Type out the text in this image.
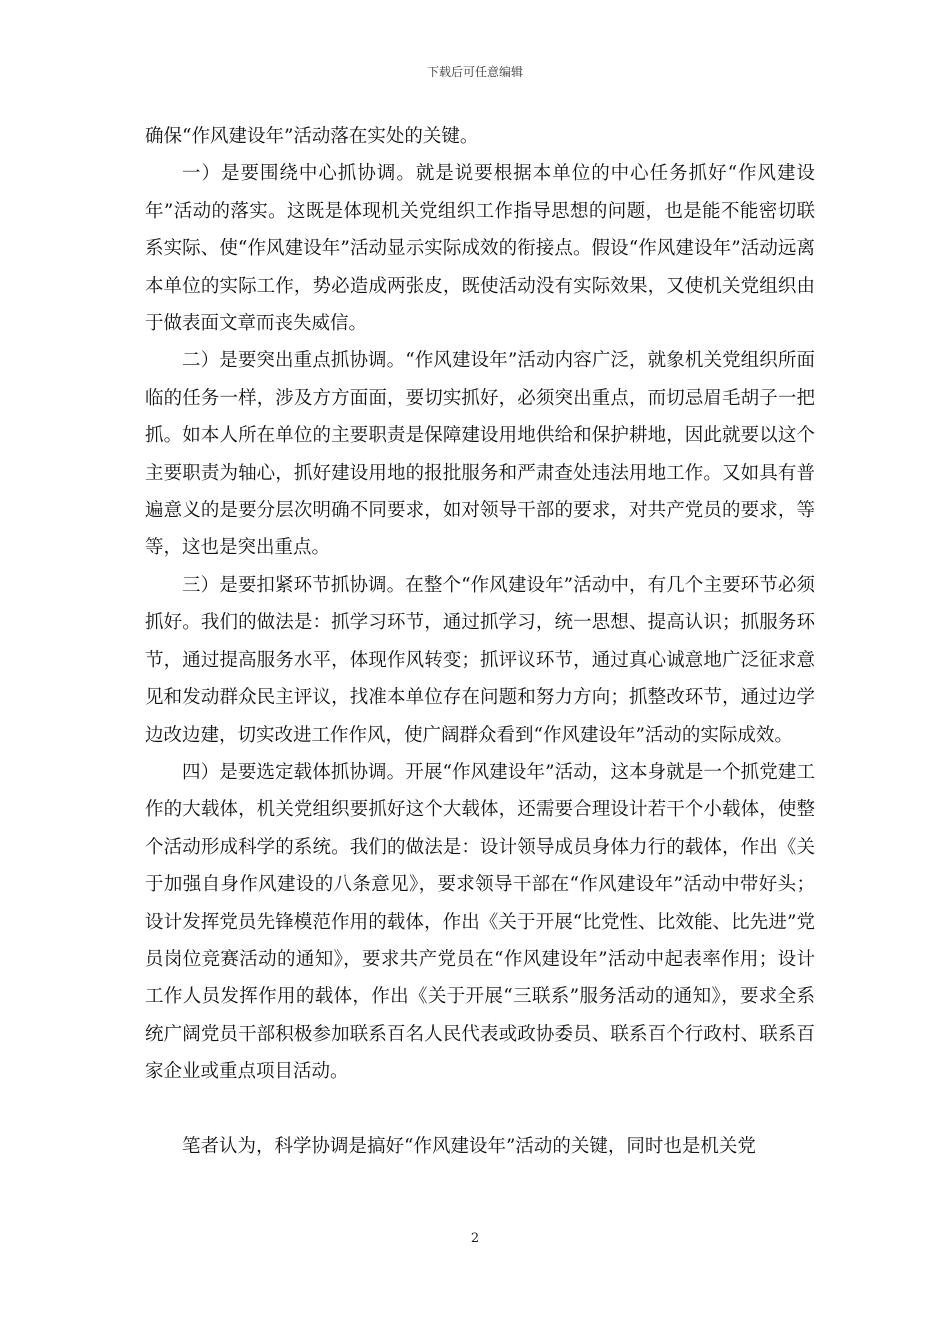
下载后可任意编辑

确保“作风建设年”活动落在实处的关键。

一）是要围绕中心抓协调。就是说要根据本单位的中心任务抓好“作风建设年”活动的落实。这既是体现机关党组织工作指导思想的问题，也是能不能密切联系实际、使“作风建设年”活动显示实际成效的衔接点。假设“作风建设年”活动远离本单位的实际工作，势必造成两张皮，既使活动没有实际效果，又使机关党组织由于做表面文章而丧失威信。

二）是要突出重点抓协调。“作风建设年”活动内容广泛，就象机关党组织所面临的任务一样，涉及方方面面，要切实抓好，必须突出重点，而切忌眉毛胡子一把抓。如本人所在单位的主要职责是保障建设用地供给和保护耕地，因此就要以这个主要职责为轴心，抓好建设用地的报批服务和严肃查处违法用地工作。又如具有普遍意义的是要分层次明确不同要求，如对领导干部的要求，对共产党员的要求，等等，这也是突出重点。

三）是要扣紧环节抓协调。在整个“作风建设年”活动中，有几个主要环节必须抓好。我们的做法是：抓学习环节，通过抓学习，统一思想、提高认识；抓服务环节，通过提高服务水平，体现作风转变；抓评议环节，通过真心诚意地广泛征求意见和发动群众民主评议，找准本单位存在问题和努力方向；抓整改环节，通过边学边改边建，切实改进工作作风，使广阔群众看到“作风建设年”活动的实际成效。

四）是要选定载体抓协调。开展“作风建设年”活动，这本身就是一个抓党建工作的大载体，机关党组织要抓好这个大载体，还需要合理设计若干个小载体，使整个活动形成科学的系统。我们的做法是：设计领导成员身体力行的载体，作出《关于加强自身作风建设的八条意见》，要求领导干部在“作风建设年”活动中带好头；设计发挥党员先锋模范作用的载体，作出《关于开展“比党性、比效能、比先进”党员岗位竞赛活动的通知》，要求共产党员在“作风建设年”活动中起表率作用；设计工作人员发挥作用的载体，作出《关于开展“三联系”服务活动的通知》，要求全系统广阔党员干部积极参加联系百名人民代表或政协委员、联系百个行政村、联系百家企业或重点项目活动。

笔者认为，科学协调是搞好“作风建设年”活动的关键，同时也是机关党

2
